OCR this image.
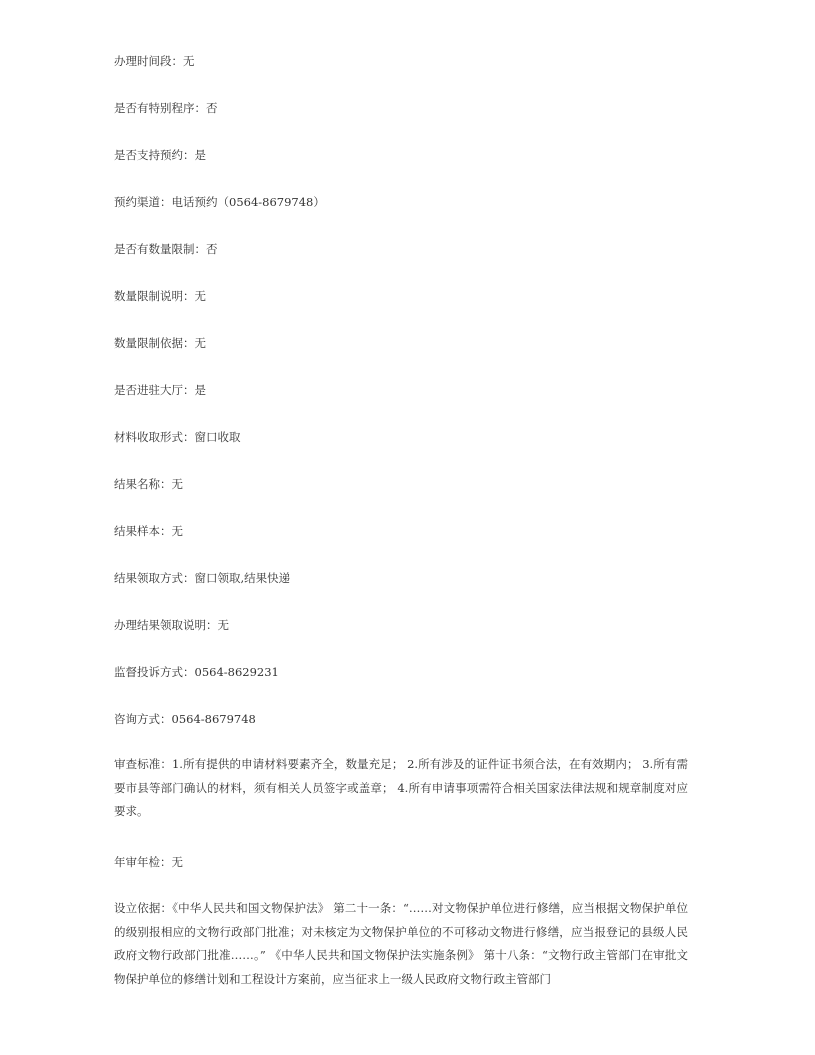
办理时间段：无
是否有特别程序：否
是否支持预约：是
预约渠道：电话预约（0564-8679748）
是否有数量限制：否
数量限制说明：无
数量限制依据：无
是否进驻大厅：是
材料收取形式：窗口收取
结果名称：无
结果样本：无
结果领取方式：窗口领取,结果快递
办理结果领取说明：无
监督投诉方式：0564-8629231
咨询方式：0564-8679748
审查标准：1.所有提供的申请材料要素齐全，数量充足； 2.所有涉及的证件证书须合法，在有效期内； 3.所有需要市县等部门确认的材料，须有相关人员签字或盖章； 4.所有申请事项需符合相关国家法律法规和规章制度对应要求。
年审年检：无
设立依据：《中华人民共和国文物保护法》 第二十一条：“……对文物保护单位进行修缮，应当根据文物保护单位的级别报相应的文物行政部门批准；对未核定为文物保护单位的不可移动文物进行修缮，应当报登记的县级人民政府文物行政部门批准……。” 《中华人民共和国文物保护法实施条例》 第十八条：“文物行政主管部门在审批文物保护单位的修缮计划和工程设计方案前，应当征求上一级人民政府文物行政主管部门
